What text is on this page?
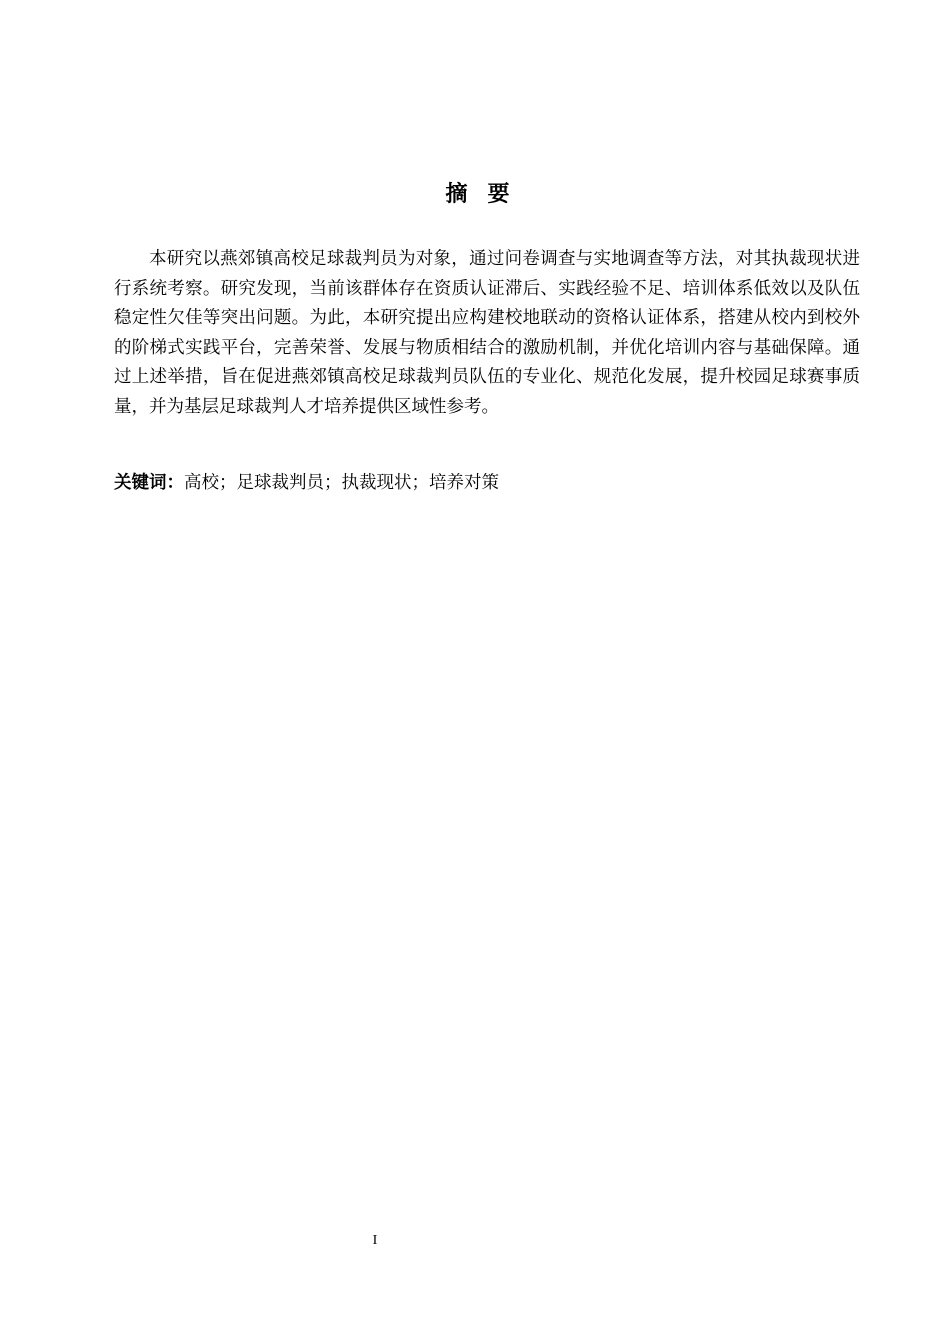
摘要

本研究以燕郊镇高校足球裁判员为对象，通过问卷调查与实地调查等方法，对其执裁现状进行系统考察。研究发现，当前该群体存在资质认证滞后、实践经验不足、培训体系低效以及队伍稳定性欠佳等突出问题。为此，本研究提出应构建校地联动的资格认证体系，搭建从校内到校外的阶梯式实践平台，完善荣誉、发展与物质相结合的激励机制，并优化培训内容与基础保障。通过上述举措，旨在促进燕郊镇高校足球裁判员队伍的专业化、规范化发展，提升校园足球赛事质量，并为基层足球裁判人才培养提供区域性参考。

关键词：高校；足球裁判员；执裁现状；培养对策

I
